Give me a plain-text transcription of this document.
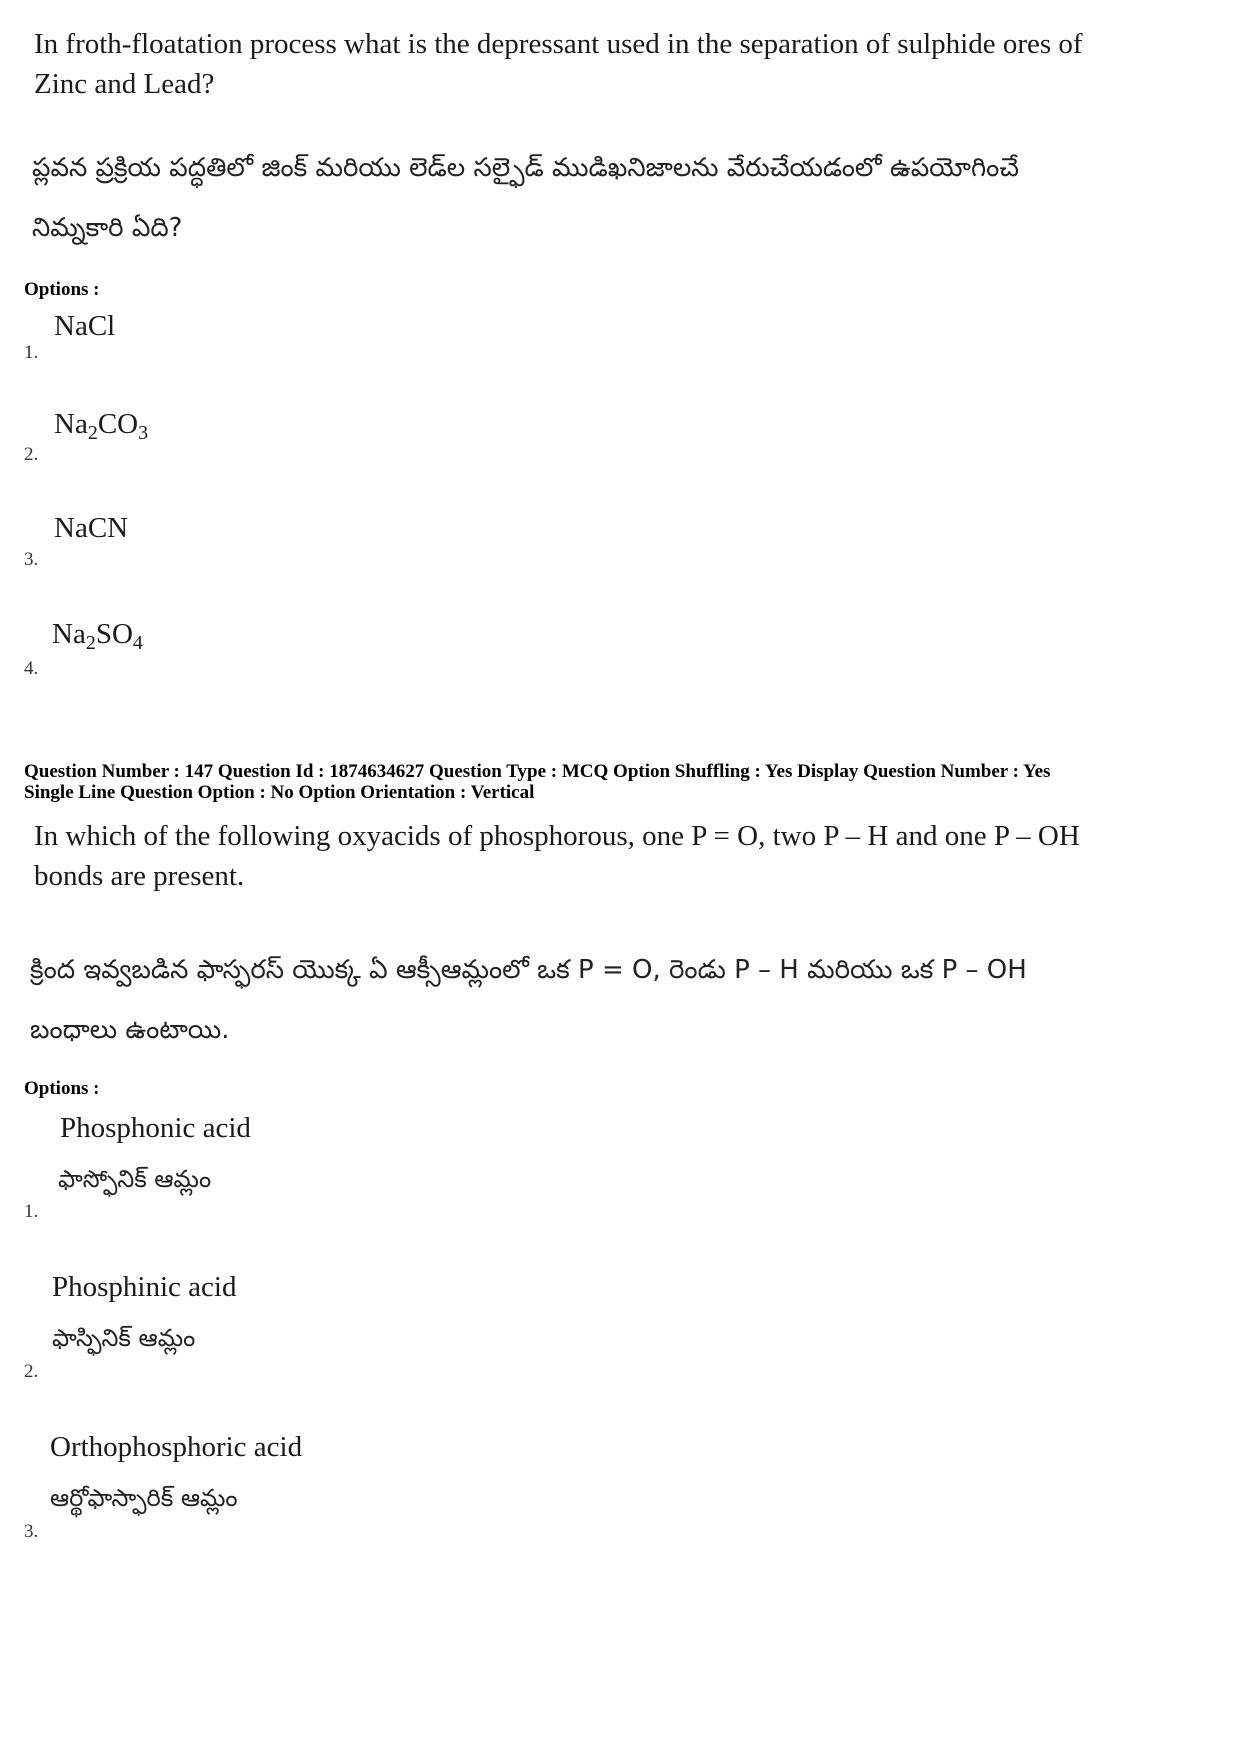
In froth-floatation process what is the depressant used in the separation of sulphide ores of
Zinc and Lead?
ప్లవన ప్రక్రియ పద్ధతిలో జింక్ మరియు లెడ్‌ల సల్ఫైడ్ ముడిఖనిజాలను వేరుచేయడంలో ఉపయోగించే
నిమ్నకారి ఏది?
Options :
NaCl
1.
$Na_2CO_3$
2.
NaCN
3.
$Na_2SO_4$
4.
Question Number : 147 Question Id : 1874634627 Question Type : MCQ Option Shuffling : Yes Display Question Number : Yes
Single Line Question Option : No Option Orientation : Vertical
In which of the following oxyacids of phosphorous, one P = O, two P – H and one P – OH
bonds are present.
క్రింద ఇవ్వబడిన ఫాస్ఫరస్ యొక్క ఏ ఆక్సీఆమ్లంలో ఒక P = O, రెండు P – H మరియు ఒక P – OH
బంధాలు ఉంటాయి.
Options :
Phosphonic acid
ఫాస్ఫోనిక్ ఆమ్లం
1.
Phosphinic acid
ఫాస్ఫినిక్ ఆమ్లం
2.
Orthophosphoric acid
ఆర్థోఫాస్ఫారిక్ ఆమ్లం
3.
